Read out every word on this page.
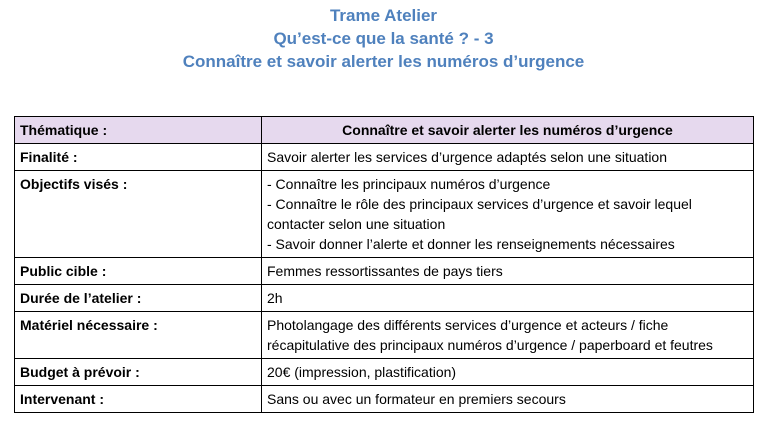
Trame Atelier
Qu’est-ce que la santé ? - 3
Connaître et savoir alerter les numéros d’urgence
Thématique :	Connaître et savoir alerter les numéros d’urgence
Finalité :	Savoir alerter les services d’urgence adaptés selon une situation
Objectifs visés :	- Connaître les principaux numéros d’urgence
- Connaître le rôle des principaux services d’urgence et savoir lequel contacter selon une situation
- Savoir donner l’alerte et donner les renseignements nécessaires

Public cible :	Femmes ressortissantes de pays tiers
Durée de l’atelier :	2h
Matériel nécessaire :	Photolangage des différents services d’urgence et acteurs / fiche récapitulative des principaux numéros d’urgence / paperboard et feutres
Budget à prévoir :	20€ (impression, plastification)
Intervenant :	Sans ou avec un formateur en premiers secours
